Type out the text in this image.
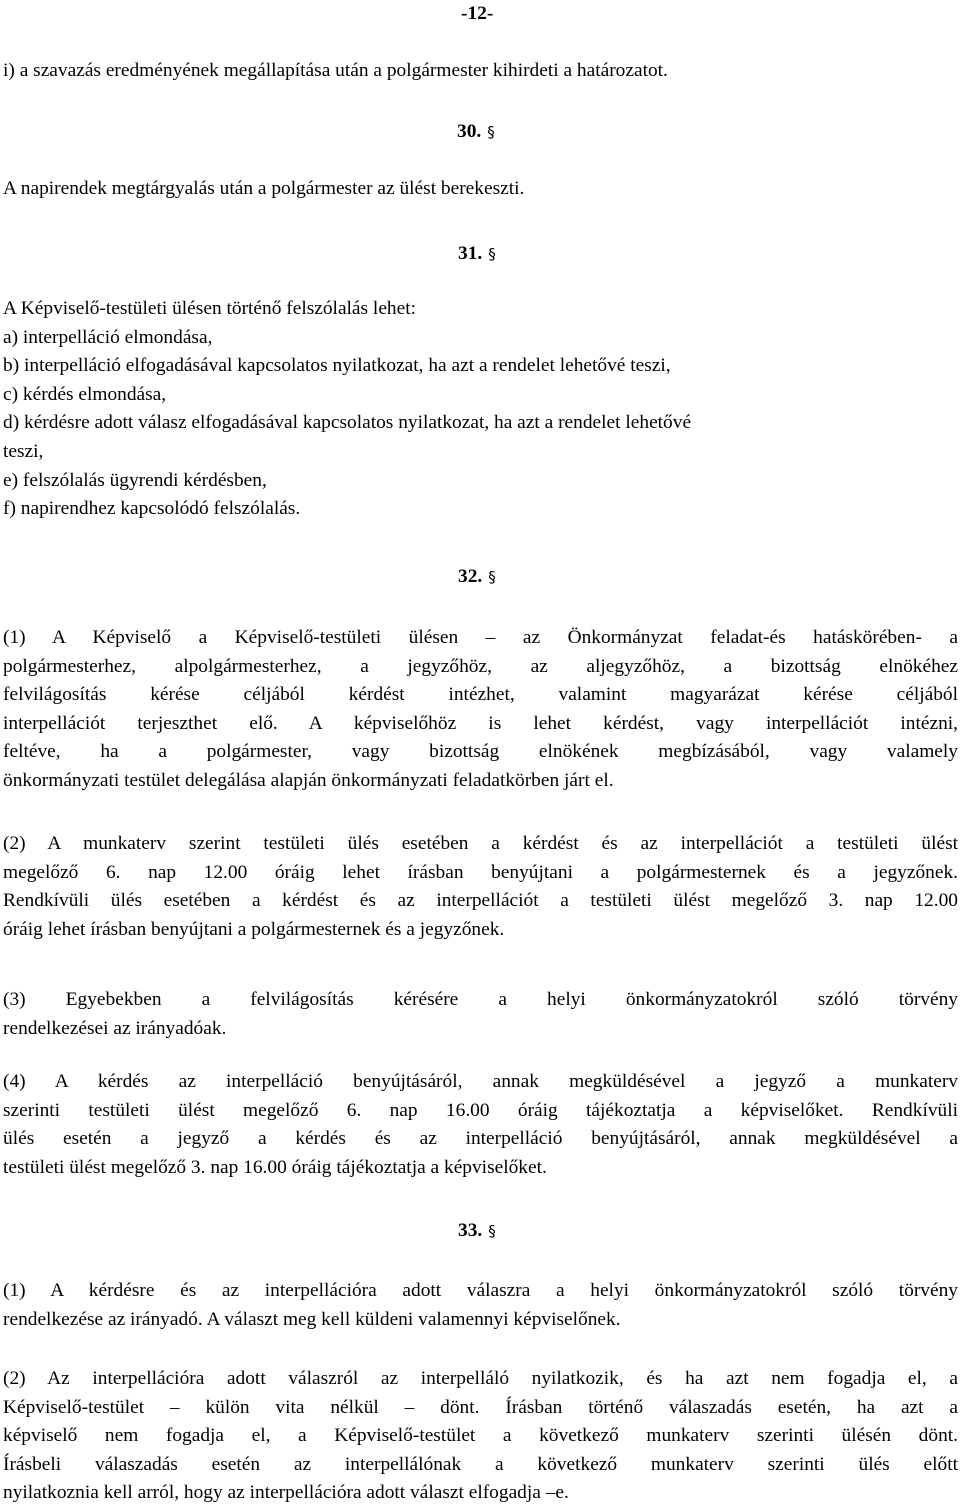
-12-
i) a szavazás eredményének megállapítása után a polgármester kihirdeti a határozatot.
30. §
A napirendek megtárgyalás után a polgármester az ülést berekeszti.
31. §
A Képviselő-testületi ülésen történő felszólalás lehet:
a) interpelláció elmondása,
b) interpelláció elfogadásával kapcsolatos nyilatkozat, ha azt a rendelet lehetővé teszi,
c) kérdés elmondása,
d) kérdésre adott válasz elfogadásával kapcsolatos nyilatkozat, ha azt a rendelet lehetővé
teszi,
e) felszólalás ügyrendi kérdésben,
f) napirendhez kapcsolódó felszólalás.
32. §
(1) A Képviselő a Képviselő-testületi ülésen – az Önkormányzat feladat-és hatáskörében- a
polgármesterhez, alpolgármesterhez, a jegyzőhöz, az aljegyzőhöz, a bizottság elnökéhez
felvilágosítás kérése céljából kérdést intézhet, valamint magyarázat kérése céljából
interpellációt terjeszthet elő. A képviselőhöz is lehet kérdést, vagy interpellációt intézni,
feltéve, ha a polgármester, vagy bizottság elnökének megbízásából, vagy valamely
önkormányzati testület delegálása alapján önkormányzati feladatkörben járt el.
(2) A munkaterv szerint testületi ülés esetében a kérdést és az interpellációt a testületi ülést
megelőző 6. nap 12.00 óráig lehet írásban benyújtani a polgármesternek és a jegyzőnek.
Rendkívüli ülés esetében a kérdést és az interpellációt a testületi ülést megelőző 3. nap 12.00
óráig lehet írásban benyújtani a polgármesternek és a jegyzőnek.
(3) Egyebekben a felvilágosítás kérésére a helyi önkormányzatokról szóló törvény
rendelkezései az irányadóak.
(4) A kérdés az interpelláció benyújtásáról, annak megküldésével a jegyző a munkaterv
szerinti testületi ülést megelőző 6. nap 16.00 óráig tájékoztatja a képviselőket. Rendkívüli
ülés esetén a jegyző a kérdés és az interpelláció benyújtásáról, annak megküldésével a
testületi ülést megelőző 3. nap 16.00 óráig tájékoztatja a képviselőket.
33. §
(1) A kérdésre és az interpellációra adott válaszra a helyi önkormányzatokról szóló törvény
rendelkezése az irányadó. A választ meg kell küldeni valamennyi képviselőnek.
(2) Az interpellációra adott válaszról az interpelláló nyilatkozik, és ha azt nem fogadja el, a
Képviselő-testület – külön vita nélkül – dönt. Írásban történő válaszadás esetén, ha azt a
képviselő nem fogadja el, a Képviselő-testület a következő munkaterv szerinti ülésén dönt.
Írásbeli válaszadás esetén az interpellálónak a következő munkaterv szerinti ülés előtt
nyilatkoznia kell arról, hogy az interpellációra adott választ elfogadja –e.
